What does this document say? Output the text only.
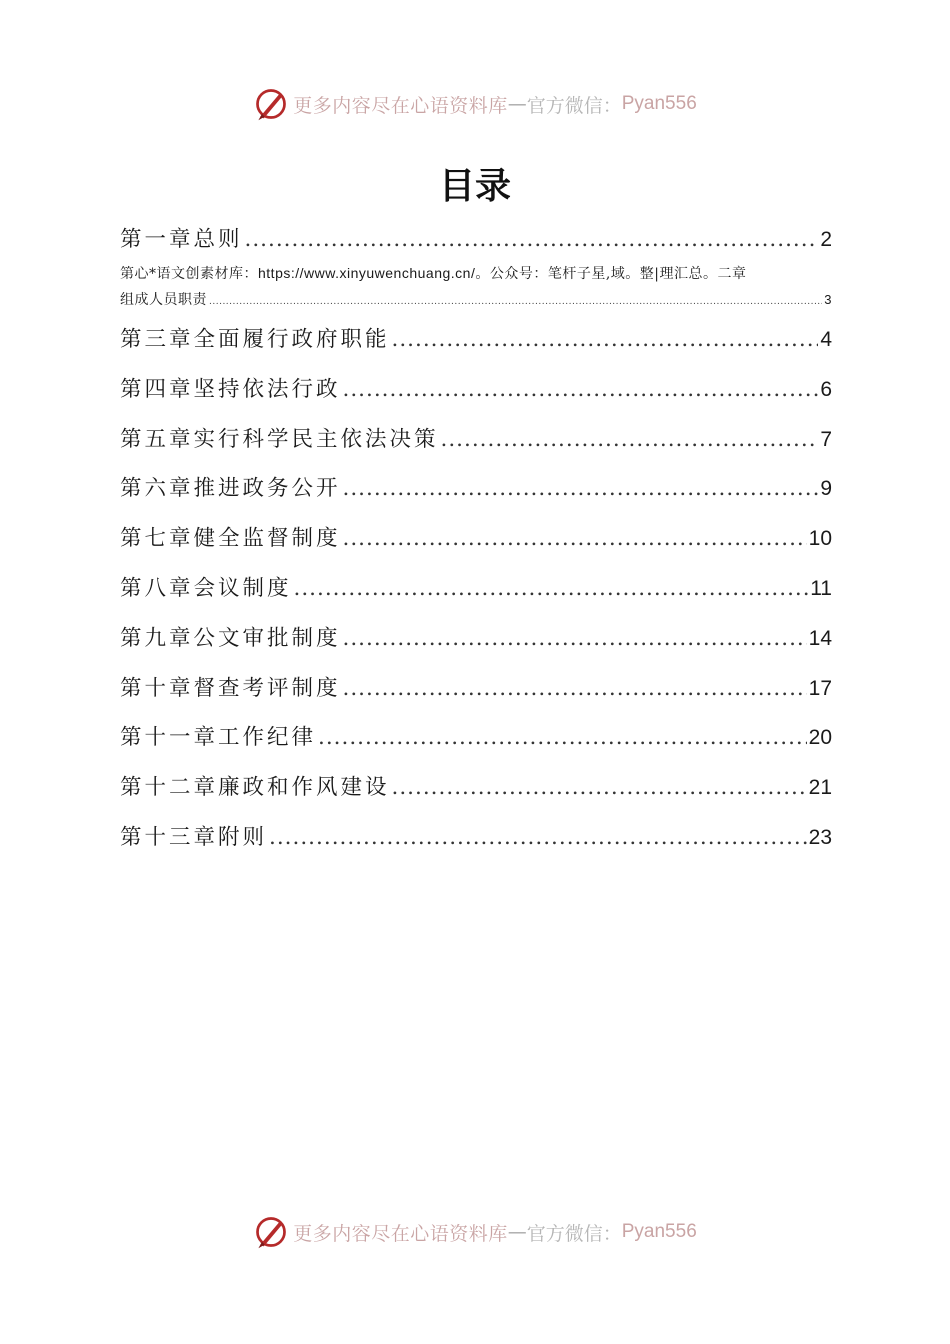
更多内容尽在心语资料库 — 官方微信： Pyan556
目录
第一章总则 .....	2
第心*语文创素材库：https://www.xinyuwenchuang.cn/。公众号：笔杆子星,域。整|理汇总。二章
组成人员职责 .....	3
第三章全面履行政府职能 .....	4
第四章坚持依法行政 .....	6
第五章实行科学民主依法决策 .....	7
第六章推进政务公开 .....	9
第七章健全监督制度 .....	10
第八章会议制度 .....	11
第九章公文审批制度 .....	14
第十章督查考评制度 .....	17
第十一章工作纪律 .....	20
第十二章廉政和作风建设 .....	21
第十三章附则 .....	23
更多内容尽在心语资料库 — 官方微信： Pyan556
